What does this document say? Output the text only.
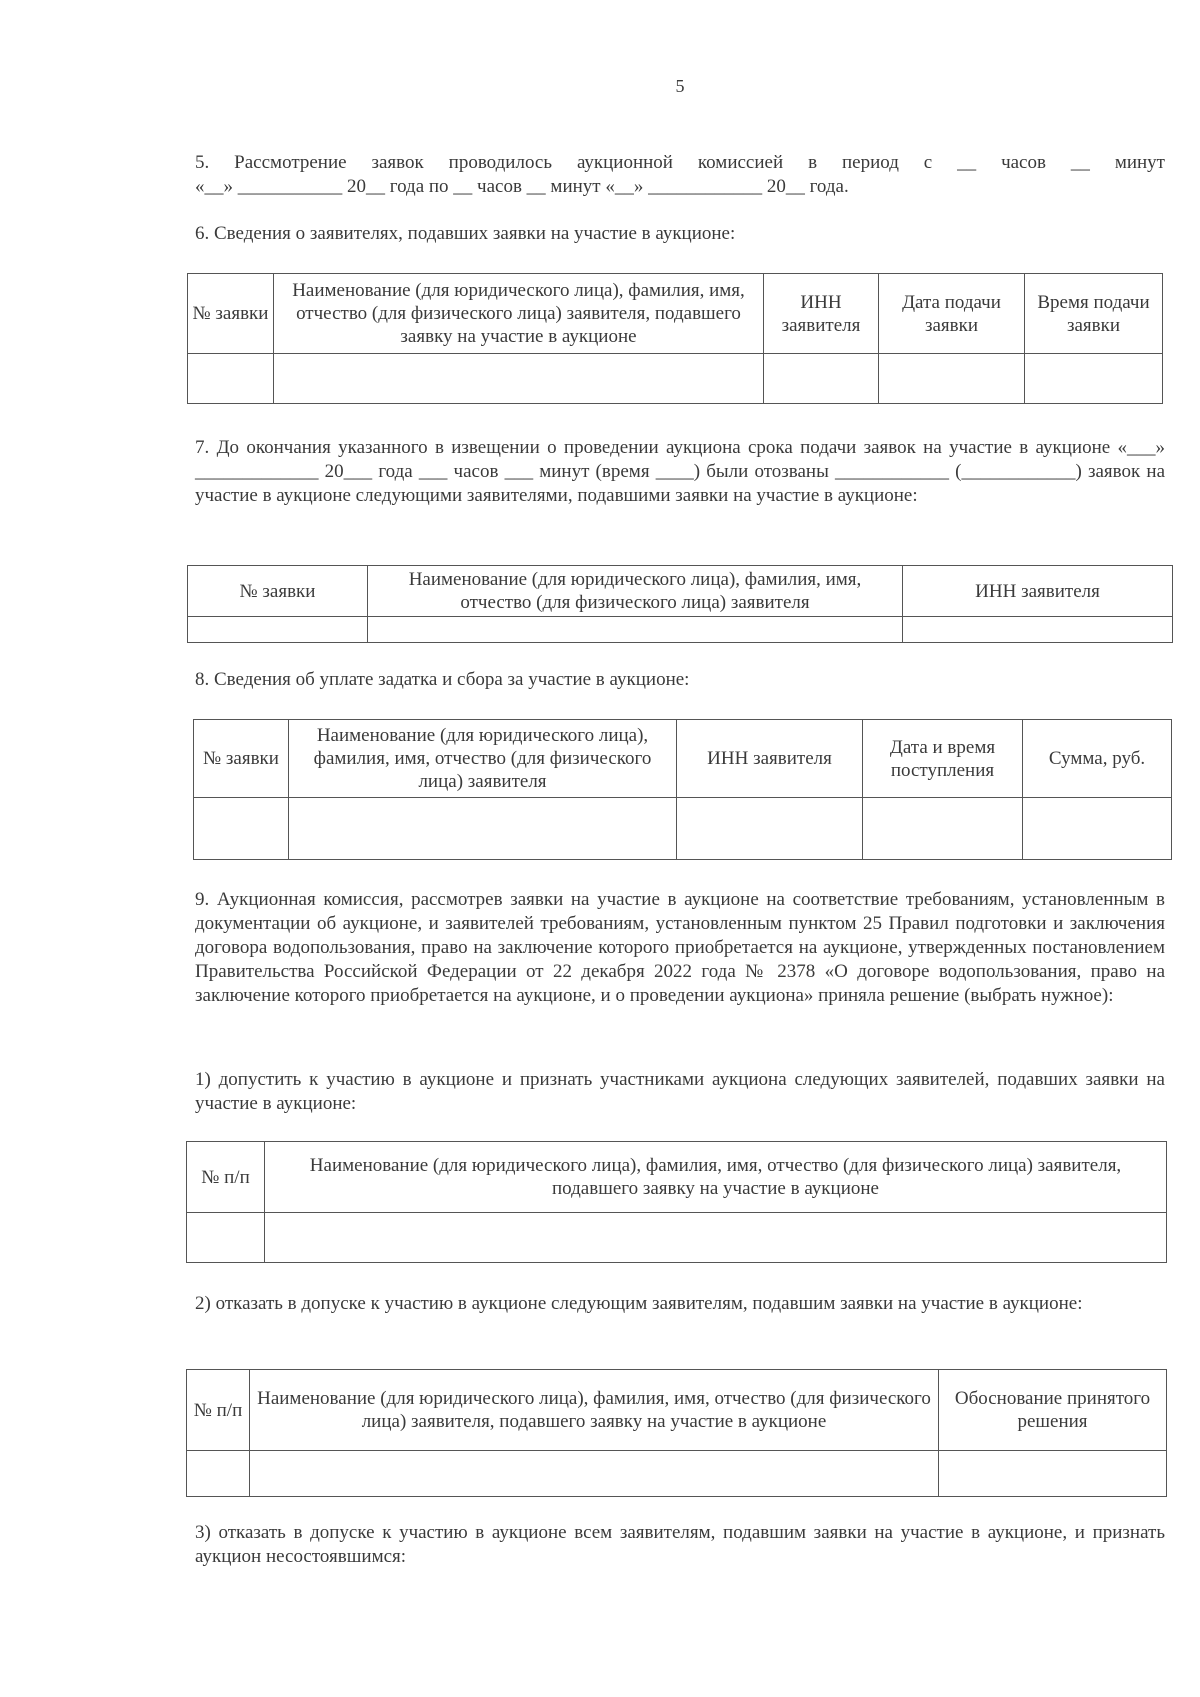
5

5. Рассмотрение заявок проводилось аукционной комиссией в период с __ часов __ минут

«__» ___________ 20__ года по __ часов __ минут «__» ____________ 20__ года.

6. Сведения о заявителях, подавших заявки на участие в аукционе:

№ заявки	Наименование (для юридического лица), фамилия, имя, отчество (для физического лица) заявителя, подавшего заявку на участие в аукционе	ИНН заявителя	Дата подачи заявки	Время подачи заявки

7. До окончания указанного в извещении о проведении аукциона срока подачи заявок на участие в аукционе «___» _____________ 20___ года ___ часов ___ минут (время ____) были отозваны ____________ (____________) заявок на участие в аукционе следующими заявителями, подавшими заявки на участие в аукционе:

№ заявки	Наименование (для юридического лица), фамилия, имя, отчество (для физического лица) заявителя	ИНН заявителя

8. Сведения об уплате задатка и сбора за участие в аукционе:

№ заявки	Наименование (для юридического лица), фамилия, имя, отчество (для физического лица) заявителя	ИНН заявителя	Дата и время поступления	Сумма, руб.

9. Аукционная комиссия, рассмотрев заявки на участие в аукционе на соответствие требованиям, установленным в документации об аукционе, и заявителей требованиям, установленным пунктом 25 Правил подготовки и заключения договора водопользования, право на заключение которого приобретается на аукционе, утвержденных постановлением Правительства Российской Федерации от 22 декабря 2022 года № 2378 «О договоре водопользования, право на заключение которого приобретается на аукционе, и о проведении аукциона» приняла решение (выбрать нужное):

1) допустить к участию в аукционе и признать участниками аукциона следующих заявителей, подавших заявки на участие в аукционе:

№ п/п	Наименование (для юридического лица), фамилия, имя, отчество (для физического лица) заявителя, подавшего заявку на участие в аукционе

2) отказать в допуске к участию в аукционе следующим заявителям, подавшим заявки на участие в аукционе:

№ п/п	Наименование (для юридического лица), фамилия, имя, отчество (для физического лица) заявителя, подавшего заявку на участие в аукционе	Обоснование принятого решения

3) отказать в допуске к участию в аукционе всем заявителям, подавшим заявки на участие в аукционе, и признать аукцион несостоявшимся:
